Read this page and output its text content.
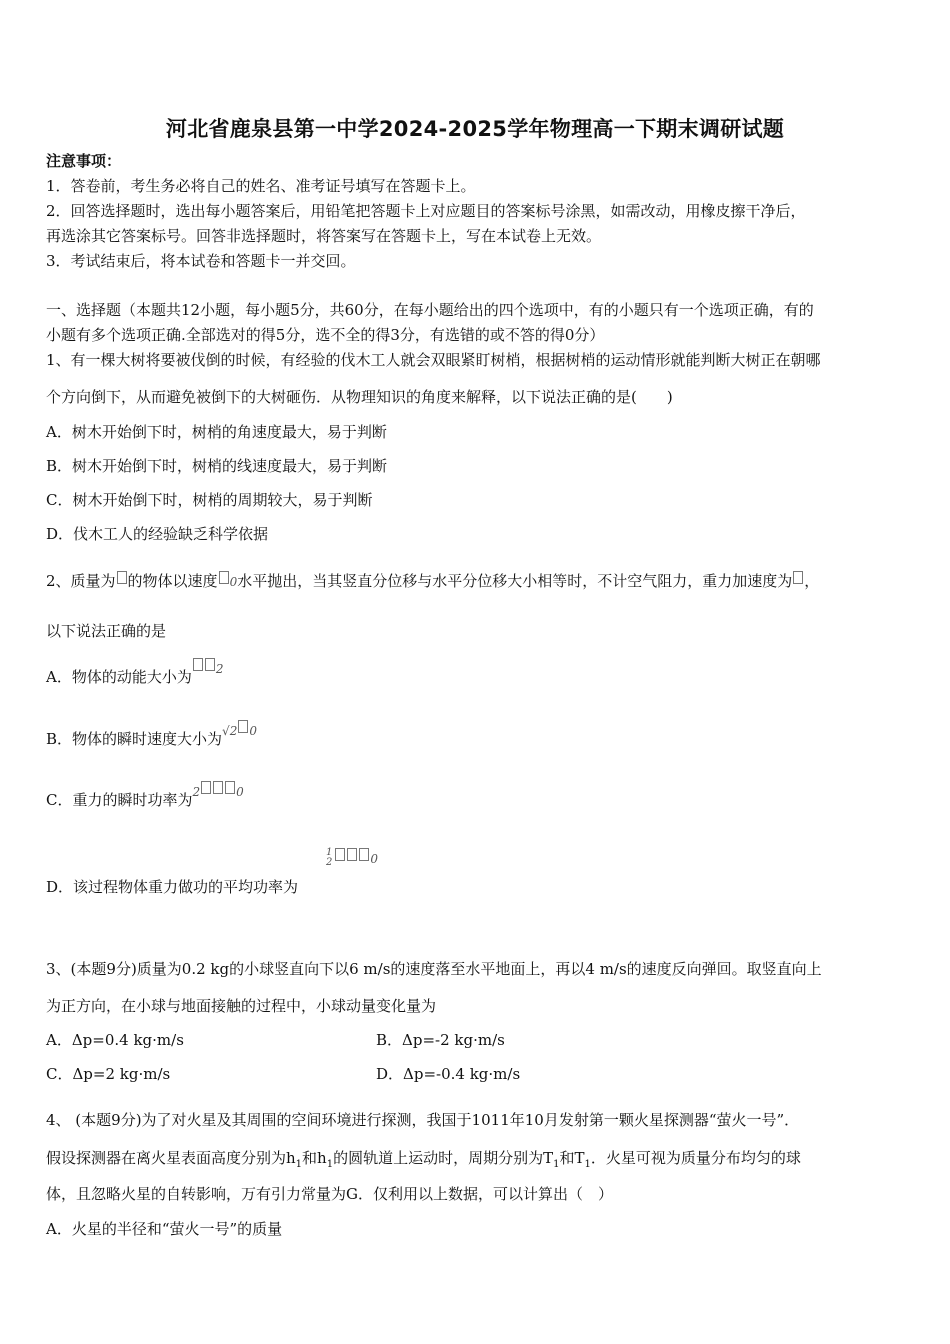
河北省鹿泉县第一中学2024-2025学年物理高一下期末调研试题
注意事项：
1．答卷前，考生务必将自己的姓名、准考证号填写在答题卡上。
2．回答选择题时，选出每小题答案后，用铅笔把答题卡上对应题目的答案标号涂黑，如需改动，用橡皮擦干净后，
再选涂其它答案标号。回答非选择题时，将答案写在答题卡上，写在本试卷上无效。
3．考试结束后，将本试卷和答题卡一并交回。
一、选择题（本题共12小题，每小题5分，共60分，在每小题给出的四个选项中，有的小题只有一个选项正确，有的
小题有多个选项正确.全部选对的得5分，选不全的得3分，有选错的或不答的得0分）
1、有一棵大树将要被伐倒的时候，有经验的伐木工人就会双眼紧盯树梢，根据树梢的运动情形就能判断大树正在朝哪
个方向倒下，从而避免被倒下的大树砸伤．从物理知识的角度来解释，以下说法正确的是(　　)
A．树木开始倒下时，树梢的角速度最大，易于判断
B．树木开始倒下时，树梢的线速度最大，易于判断
C．树木开始倒下时，树梢的周期较大，易于判断
D．伐木工人的经验缺乏科学依据
2、质量为 的物体以速度 0水平抛出，当其竖直分位移与水平分位移大小相等时，不计空气阻力，重力加速度为 ，
以下说法正确的是
A．物体的动能大小为 2
B．物体的瞬时速度大小为$^{√2}$ 0
C．重力的瞬时功率为2	0
D．该过程物体重力做功的平均功率为
1
2	0
3、(本题9分)质量为0.2 kg的小球竖直向下以6 m/s的速度落至水平地面上，再以4 m/s的速度反向弹回。取竖直向上
为正方向，在小球与地面接触的过程中，小球动量变化量为
A．Δp=0.4 kg·m/s	B．Δp=-2 kg·m/s
C．Δp=2 kg·m/s	D．Δp=-0.4 kg·m/s
4、 (本题9分)为了对火星及其周围的空间环境进行探测，我国于1011年10月发射第一颗火星探测器“萤火一号”．
假设探测器在离火星表面高度分别为$h_1$和$h_1$的圆轨道上运动时，周期分别为$T_1$和$T_1$．火星可视为质量分布均匀的球
体，且忽略火星的自转影响，万有引力常量为G．仅利用以上数据，可以计算出（　）
A．火星的半径和“萤火一号”的质量
